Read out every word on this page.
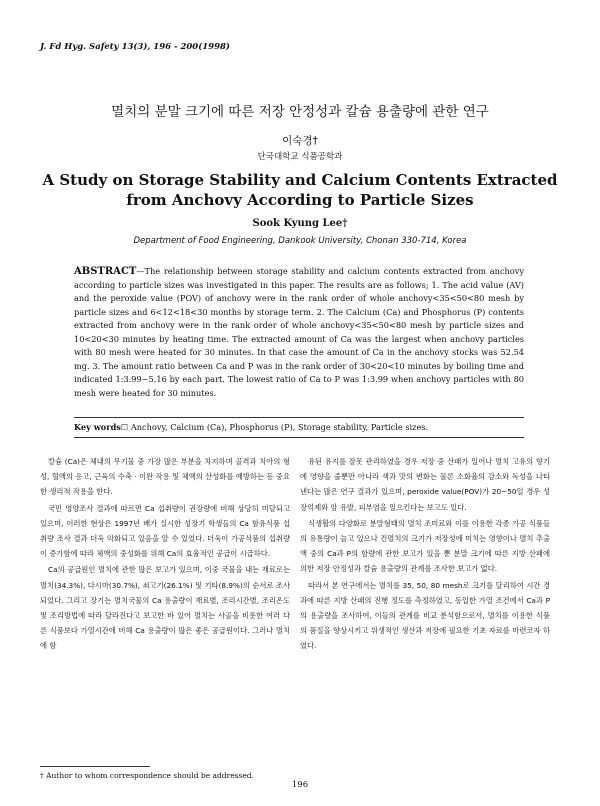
J. Fd Hyg. Safety 13(3), 196 - 200(1998)
멸치의 분말 크기에 따른 저장 안정성과 칼슘 용출량에 관한 연구
이숙경†
단국대학교 식품공학과
A Study on Storage Stability and Calcium Contents Extracted
from Anchovy According to Particle Sizes
Sook Kyung Lee†
Department of Food Engineering, Dankook University, Chonan 330-714, Korea
ABSTRACT—The relationship between storage stability and calcium contents extracted from anchovy according to particle sizes was investigated in this paper. The results are as follows; 1. The acid value (AV) and the peroxide value (POV) of anchovy were in the rank order of whole anchovy<35<50<80 mesh by particle sizes and 6<12<18<30 months by storage term. 2. The Calcium (Ca) and Phosphorus (P) contents extracted from anchovy were in the rank order of whole anchovy<35<50<80 mesh by particle sizes and 10<20<30 minutes by heating time. The extracted amount of Ca was the largest when anchovy particles with 80 mesh were heated for 30 minutes. In that case the amount of Ca in the anchovy stocks was 52.54 mg. 3. The amount ratio between Ca and P was in the rank order of 30<20<10 minutes by boiling time and indicated 1:3.99~5.16 by each part. The lowest ratio of Ca to P was 1:3.99 when anchovy particles with 80 mesh were heated for 30 minutes.
Key words☐ Anchovy, Calcium (Ca), Phosphorus (P), Storage stability, Particle sizes.

칼슘 (Ca)은 체내의 무기물 중 가장 많은 부분을 차지하며 골격과 치아의 형성, 혈액의 응고, 근육의 수축 · 이완 작용 및 체액의 산성화를 예방하는 등 중요한 생리적 작용을 한다.

국민 영양조사 결과에 따르면 Ca 섭취량이 권장량에 비해 상당히 미달되고 있으며, 이러한 현상은 1997년 배가 실시한 성장기 학생들의 Ca 함유식품 섭취량 조사 결과 더욱 악화되고 있음을 알 수 있었다. 더욱이 가공식품의 섭취량이 증가함에 따라 체액의 중성화를 위해 Ca의 효율적인 공급이 시급하다.

Ca의 공급원인 멸치에 관한 많은 보고가 있으며, 이중 국물을 내는 재료로는 멸치(34.3%), 다시마(30.7%), 쇠고기(26.1%) 및 기타(8.9%)의 순서로 조사되었다. 그리고 장기는 멸치국물의 Ca 용출량이 재료별, 조리시간별, 조리온도 및 조리방법에 따라 달라진다고 보고한 바 있어 멸치는 사골을 비롯한 여러 다른 식품보다 가열시간에 비해 Ca 용출량이 많은 좋은 공급원이다. 그러나 멸치에 함

유된 유지를 잘못 관리하였을 경우 저장 중 산패가 일어나 멸치 고유의 향기에 영향을 줄뿐만 아니라 색과 맛의 변화는 물론 소화율의 감소와 독성을 나타낸다는 많은 연구 결과가 있으며, peroxide value(POV)가 20~50일 경우 성장억제와 암 유발, 피부염을 일으킨다는 보고도 있다.

식생활의 다양화로 분말형태의 멸치 조미료와 이를 이용한 각종 가공 식품들의 유통량이 늘고 있으나 건멸치의 크기가 저장성에 미치는 영향이나 멸치 추출액 중의 Ca과 P의 함량에 관한 보고가 있을 뿐 분말 크기에 따른 지방 산패에 의한 저장 안정성과 칼슘 용출량의 관계를 조사한 보고가 없다.

따라서 본 연구에서는 멸치를 35, 50, 80 mesh로 크기를 달리하여 시간 경과에 따른 지방 산패의 진행 정도를 측정하였고, 동일한 가열 조건에서 Ca과 P의 용출량을 조사하여, 이들의 관계를 비교 분석함으로서, 멸치를 이용한 식품의 품질을 향상시키고 위생적인 생산과 저장에 필요한 기초 자료를 마련코자 하였다.

† Author to whom correspondence should be addressed.
196
